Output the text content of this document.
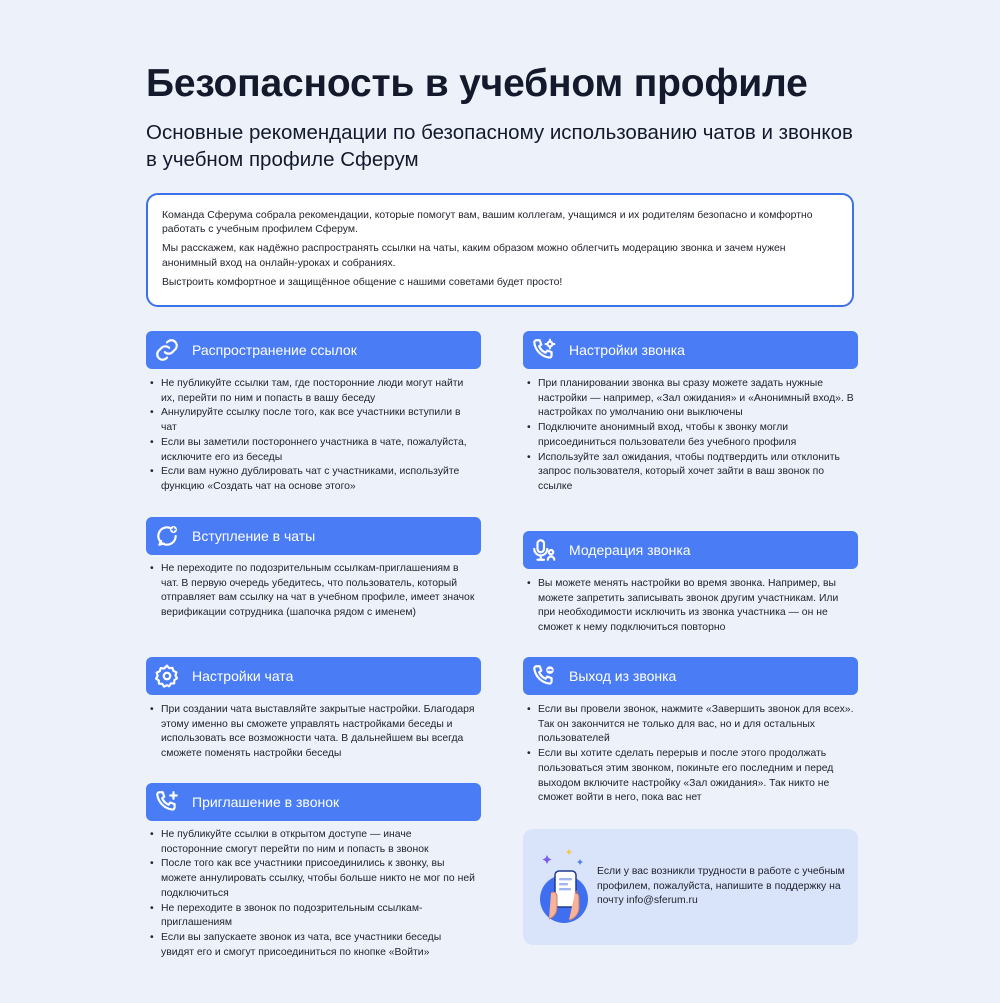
Безопасность в учебном профиле
Основные рекомендации по безопасному использованию чатов и звонков в учебном профиле Сферум

Команда Сферума собрала рекомендации, которые помогут вам, вашим коллегам, учащимся и их родителям безопасно и комфортно работать с учебным профилем Сферум.

Мы расскажем, как надёжно распространять ссылки на чаты, каким образом можно облегчить модерацию звонка и зачем нужен анонимный вход на онлайн-уроках и собраниях.

Выстроить комфортное и защищённое общение с нашими советами будет просто!

Распространение ссылок
• Не публикуйте ссылки там, где посторонние люди могут найти их, перейти по ним и попасть в вашу беседу
• Аннулируйте ссылку после того, как все участники вступили в чат
• Если вы заметили постороннего участника в чате, пожалуйста, исключите его из беседы
• Если вам нужно дублировать чат с участниками, используйте функцию «Создать чат на основе этого»
Вступление в чаты
• Не переходите по подозрительным ссылкам-приглашениям в чат. В первую очередь убедитесь, что пользователь, который отправляет вам ссылку на чат в учебном профиле, имеет значок верификации сотрудника (шапочка рядом с именем)
Настройки чата
• При создании чата выставляйте закрытые настройки. Благодаря этому именно вы сможете управлять настройками беседы и использовать все возможности чата. В дальнейшем вы всегда сможете поменять настройки беседы
Приглашение в звонок
• Не публикуйте ссылки в открытом доступе — иначе посторонние смогут перейти по ним и попасть в звонок
• После того как все участники присоединились к звонку, вы можете аннулировать ссылку, чтобы больше никто не мог по ней подключиться
• Не переходите в звонок по подозрительным ссылкам-приглашениям
• Если вы запускаете звонок из чата, все участники беседы увидят его и смогут присоединиться по кнопке «Войти»
Настройки звонка
• При планировании звонка вы сразу можете задать нужные настройки — например, «Зал ожидания» и «Анонимный вход». В настройках по умолчанию они выключены
• Подключите анонимный вход, чтобы к звонку могли присоединиться пользователи без учебного профиля
• Используйте зал ожидания, чтобы подтвердить или отклонить запрос пользователя, который хочет зайти в ваш звонок по ссылке
Модерация звонка
• Вы можете менять настройки во время звонка. Например, вы можете запретить записывать звонок другим участникам. Или при необходимости исключить из звонка участника — он не сможет к нему подключиться повторно
Выход из звонка
• Если вы провели звонок, нажмите «Завершить звонок для всех». Так он закончится не только для вас, но и для остальных пользователей
• Если вы хотите сделать перерыв и после этого продолжать пользоваться этим звонком, покиньте его последним и перед выходом включите настройку «Зал ожидания». Так никто не сможет войти в него, пока вас нет
Если у вас возникли трудности в работе с учебным профилем, пожалуйста, напишите в поддержку на почту info@sferum.ru
